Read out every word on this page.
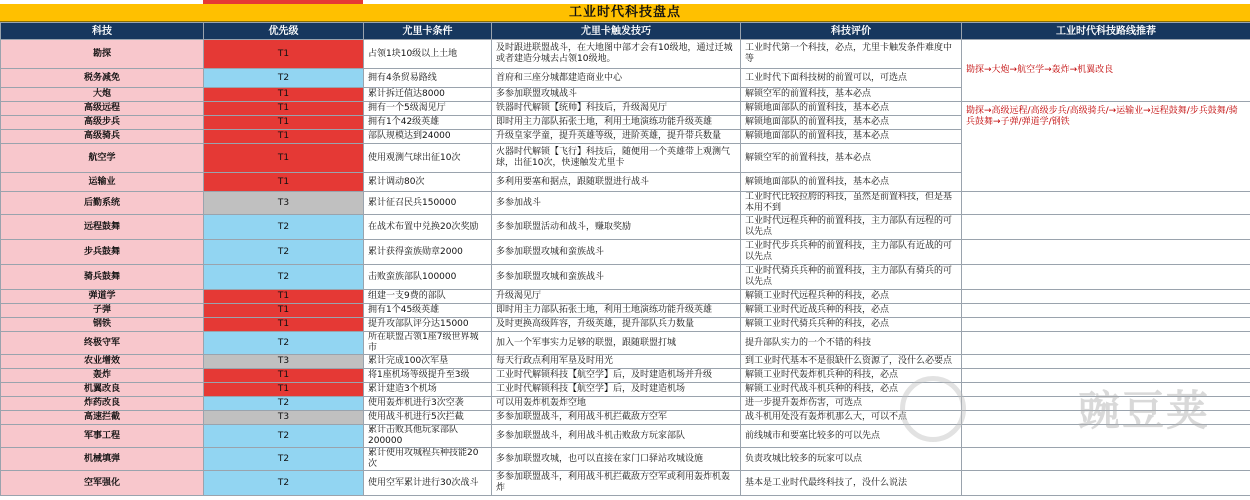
工业时代科技盘点
科技	优先级	尤里卡条件	尤里卡触发技巧	科技评价	工业时代科技路线推荐
勘探	T1	占领1块10级以上土地	及时跟进联盟战斗，在大地图中部才会有10级地，通过迁城或者建造分城去占领10级地。	工业时代第一个科技，必点，尤里卡触发条件难度中等	勘探→大炮→航空学→轰炸→机翼改良
税务减免	T2	拥有4条贸易路线	首府和三座分城都建造商业中心	工业时代下面科技树的前置可以，可选点	
大炮	T1	累计拆迁值达8000	多参加联盟攻城战斗	解锁空军的前置科技，基本必点	
高级远程	T1	拥有一个5级渴见厅	铁器时代解锁【统帅】科技后，升级渴见厅	解锁地面部队的前置科技，基本必点	勘探→高级远程/高级步兵/高级骑兵/→运输业→远程鼓舞/步兵鼓舞/骑兵鼓舞→子弹/弹道学/钢铁
高级步兵	T1	拥有1个42级英雄	即时用主力部队拓张土地，利用土地演练功能升级英雄	解锁地面部队的前置科技，基本必点	
高级骑兵	T1	部队规模达到24000	升级皇家学童，提升英雄等级，进阶英雄，提升带兵数量	解锁地面部队的前置科技，基本必点	
航空学	T1	使用观测气球出征10次	火器时代解锁【飞行】科技后，随便用一个英雄带上观测气球，出征10次，快速触发尤里卡	解锁空军的前置科技，基本必点	
运输业	T1	累计调动80次	多利用要塞和据点，跟随联盟进行战斗	解锁地面部队的前置科技，基本必点	
后勤系统	T3	累计征召民兵150000	多参加战斗	工业时代比较拉胯的科技，虽然是前置科技，但是基本用不到	
远程鼓舞	T2	在战术布置中兑换20次奖励	多参加联盟活动和战斗，赚取奖励	工业时代远程兵种的前置科技，主力部队有远程的可以先点	
步兵鼓舞	T2	累计获得蛮族勋章2000	多参加联盟攻城和蛮族战斗	工业时代步兵兵种的前置科技，主力部队有近战的可以先点	
骑兵鼓舞	T2	击败蛮族部队100000	多参加联盟攻城和蛮族战斗	工业时代骑兵兵种的前置科技，主力部队有骑兵的可以先点	
弹道学	T1	组建一支9费的部队	升级渴见厅	解锁工业时代远程兵种的科技，必点	
子弹	T1	拥有1个45级英雄	即时用主力部队拓张土地，利用土地演练功能升级英雄	解锁工业时代近战兵种的科技，必点	
钢铁	T1	提升攻部队评分达15000	及时更换高级阵容，升级英雄，提升部队兵力数量	解锁工业时代骑兵兵种的科技，必点	
终极守军	T2	所在联盟占领1座7级世界城市	加入一个军事实力足够的联盟，跟随联盟打城	提升部队实力的一个不错的科技	
农业增效	T3	累计完成100次军垦	每天行政点利用军垦及时用光	到工业时代基本不是很缺什么资源了，没什么必要点	
轰炸	T1	将1座机场等级提升至3级	工业时代解锁科技【航空学】后，及时建造机场并升级	解锁工业时代轰炸机兵种的科技，必点	
机翼改良	T1	累计建造3个机场	工业时代解锁科技【航空学】后，及时建造机场	解锁工业时代战斗机兵种的科技，必点	
炸药改良	T2	使用轰炸机进行3次空袭	可以用轰炸机轰炸空地	进一步提升轰炸伤害，可选点	
高速拦截	T3	使用战斗机进行5次拦截	多参加联盟战斗，利用战斗机拦截敌方空军	战斗机用处没有轰炸机那么大，可以不点	
军事工程	T2	累计击败其他玩家部队200000	多参加联盟战斗，利用战斗机击败敌方玩家部队	前线城市和要塞比较多的可以先点	
机械填弹	T2	累计使用攻城程兵种技能20次	多参加联盟攻城，也可以直接在家门口驿站攻城设施	负责攻城比较多的玩家可以点	
空军强化	T2	使用空军累计进行30次战斗	多参加联盟战斗，利用战斗机拦截敌方空军或利用轰炸机轰炸	基本是工业时代最终科技了，没什么说法	
豌豆荚
